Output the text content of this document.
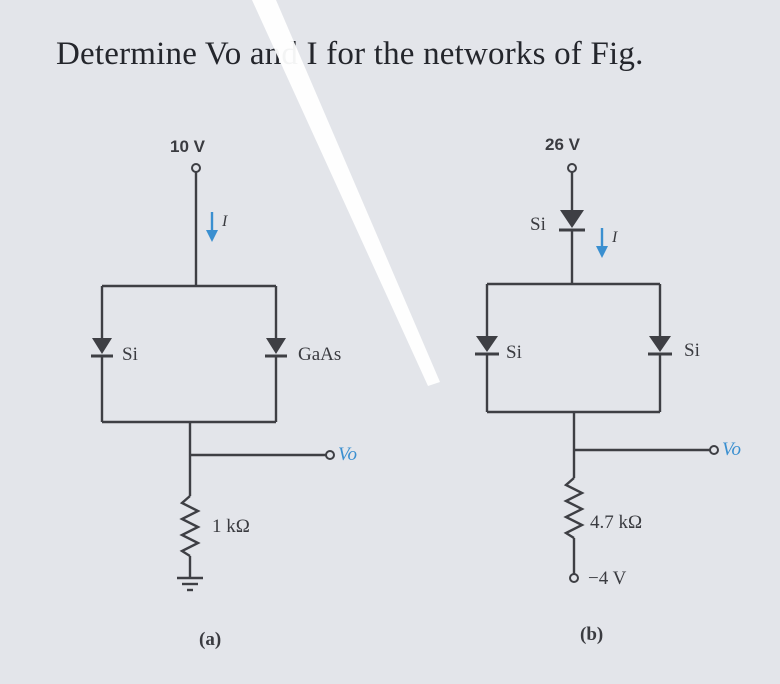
Determine Vo and I for the networks of Fig.
10 V
I
Si	GaAs
Vo
1 kΩ
(a)
26 V
Si
I
Si	Si
Vo
4.7 kΩ
−4 V
(b)
